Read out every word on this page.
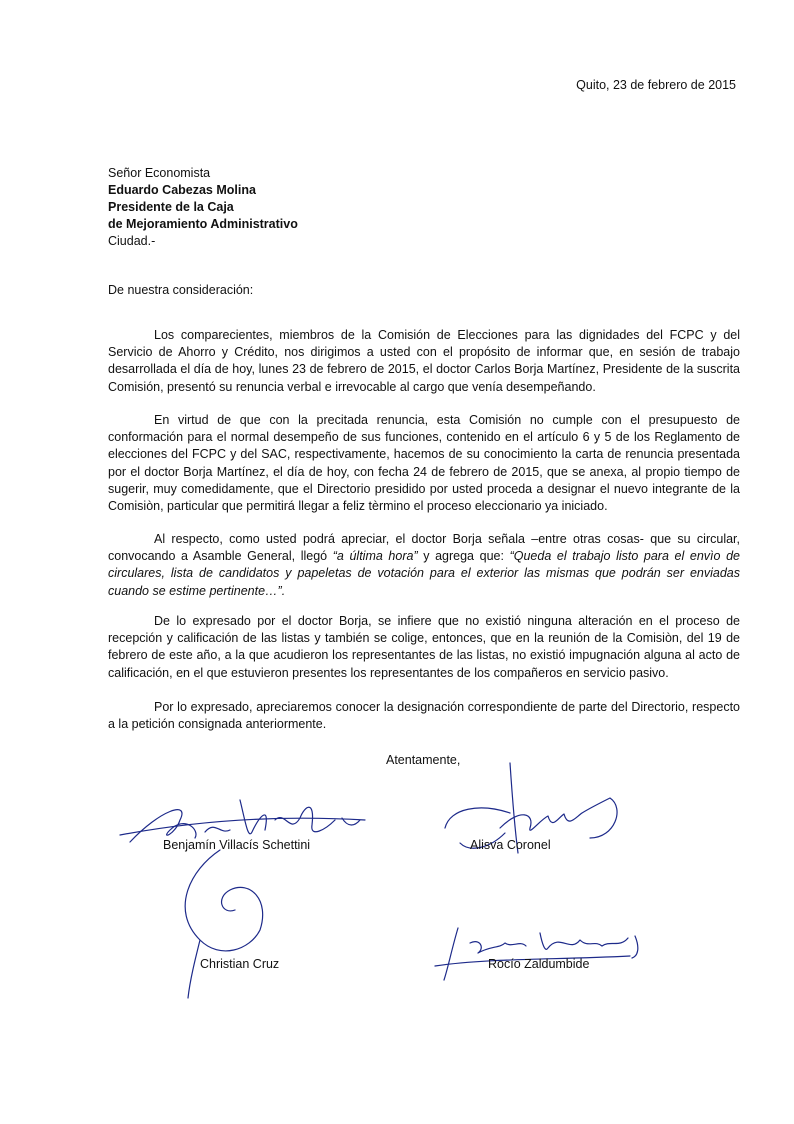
Quito, 23 de febrero de 2015
Señor Economista
Eduardo Cabezas Molina
Presidente de la Caja
de Mejoramiento Administrativo
Ciudad.-
De nuestra consideración:

Los comparecientes, miembros de la Comisión de Elecciones para las dignidades del FCPC y del Servicio de Ahorro y Crédito, nos dirigimos a usted con el propósito de informar que, en sesión de trabajo desarrollada el día de hoy, lunes 23 de febrero de 2015, el doctor Carlos Borja Martínez, Presidente de la suscrita Comisión, presentó su renuncia verbal e irrevocable al cargo que venía desempeñando.

En virtud de que con la precitada renuncia, esta Comisión no cumple con el presupuesto de conformación para el normal desempeño de sus funciones, contenido en el artículo 6 y 5 de los Reglamento de elecciones del FCPC y del SAC, respectivamente, hacemos de su conocimiento la carta de renuncia presentada por el doctor Borja Martínez, el día de hoy, con fecha 24 de febrero de 2015, que se anexa, al propio tiempo de sugerir, muy comedidamente, que el Directorio presidido por usted proceda a designar el nuevo integrante de la Comisiòn, particular que permitirá llegar a feliz tèrmino el proceso eleccionario ya iniciado.

Al respecto, como usted podrá apreciar, el doctor Borja señala –entre otras cosas- que su circular, convocando a Asamble General, llegó “a última hora” y agrega que: “Queda el trabajo listo para el envìo de circulares, lista de candidatos y papeletas de votación para el exterior las mismas que podrán ser enviadas cuando se estime pertinente…”.

De lo expresado por el doctor Borja, se infiere que no existió ninguna alteración en el proceso de recepción y calificación de las listas y también se colige, entonces, que en la reunión de la Comisiòn, del 19 de febrero de este año, a la que acudieron los representantes de las listas, no existió impugnación alguna al acto de calificación, en el que estuvieron presentes los representantes de los compañeros en servicio pasivo.

Por lo expresado, apreciaremos conocer la designación correspondiente de parte del Directorio, respecto a la petición consignada anteriormente.

Atentamente,
Benjamín Villacís Schettini	Alisva Coronel
Christian Cruz	Rocío Zaldumbide
